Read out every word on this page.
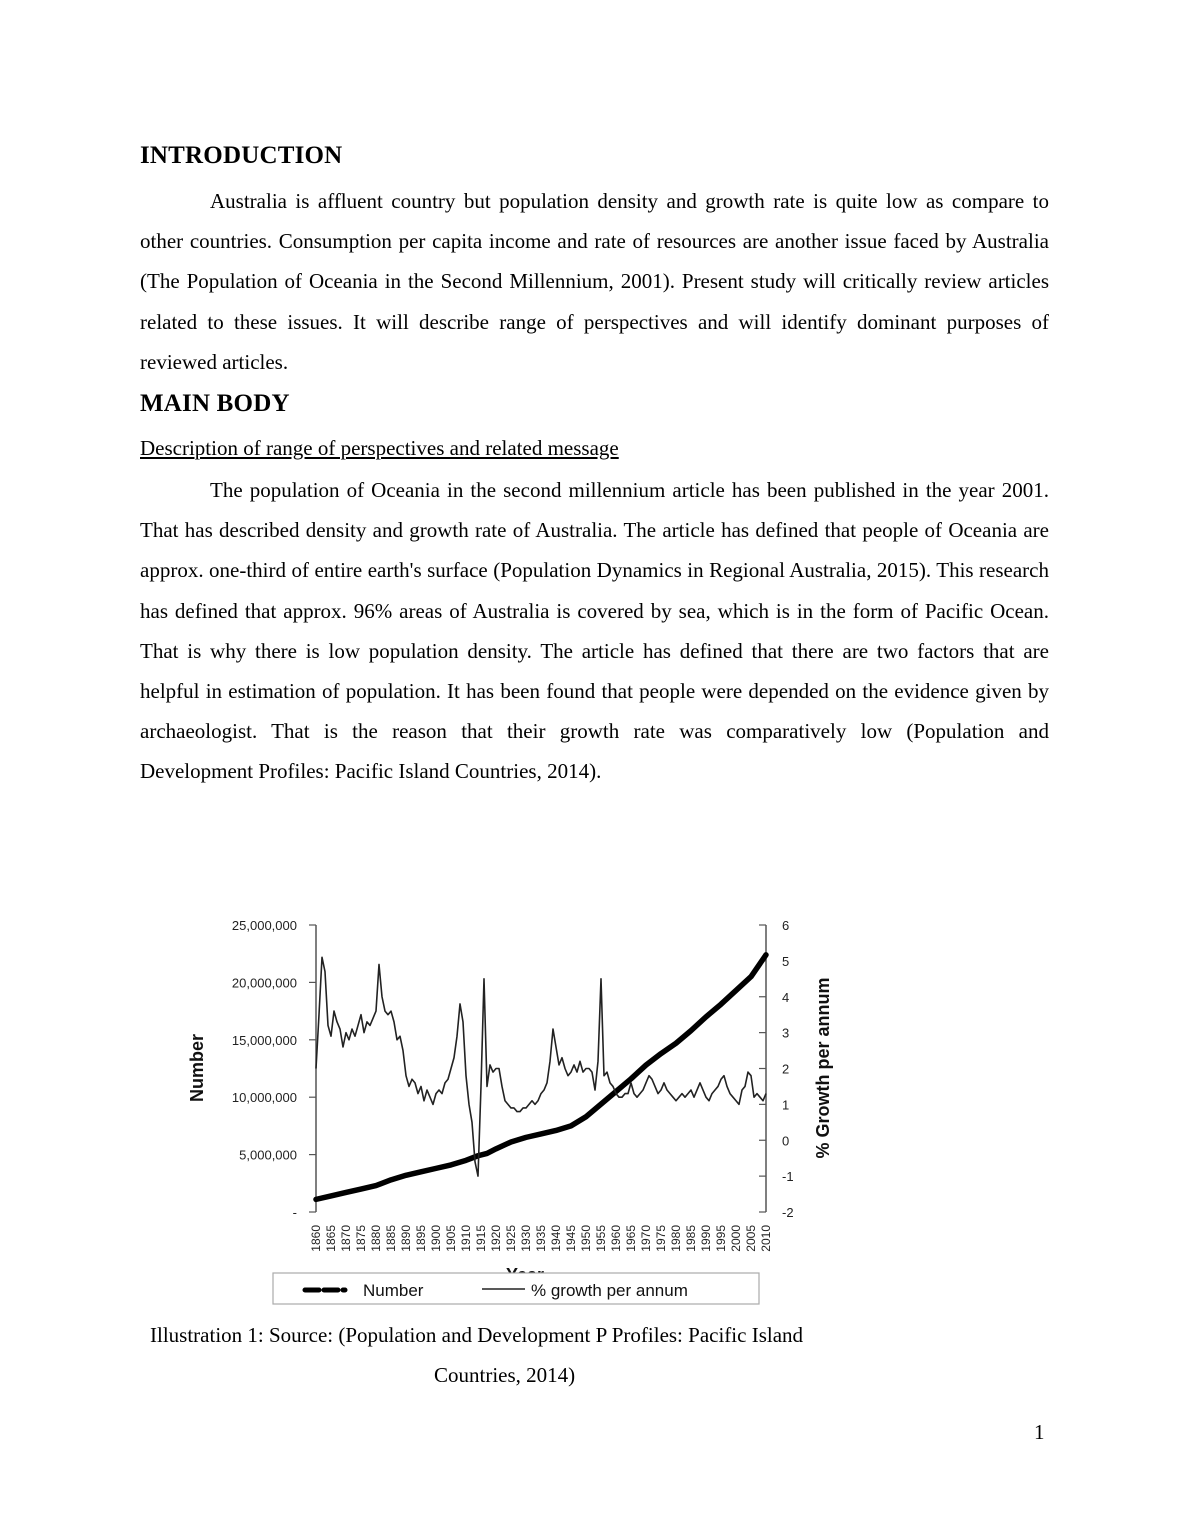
INTRODUCTION

Australia is affluent country but population density and growth rate is quite low as compare to other countries. Consumption per capita income and rate of resources are another issue faced by Australia (The Population of Oceania in the Second Millennium, 2001). Present study will critically review articles related to these issues. It will describe range of perspectives and will identify dominant purposes of reviewed articles.

MAIN BODY
Description of range of perspectives and related message

The population of Oceania in the second millennium article has been published in the year 2001. That has described density and growth rate of Australia. The article has defined that people of Oceania are approx. one-third of entire earth's surface (Population Dynamics in Regional Australia, 2015). This research has defined that approx. 96% areas of Australia is covered by sea, which is in the form of Pacific Ocean. That is why there is low population density. The article has defined that there are two factors that are helpful in estimation of population. It has been found that people were depended on the evidence given by archaeologist. That is the reason that their growth rate was comparatively low (Population and Development Profiles: Pacific Island Countries, 2014).

-
5,000,000
10,000,000
15,000,000
20,000,000
25,000,000
-2
-1
0
1
2
3
4
5
6
1860 1865 1870 1875 1880 1885 1890 1895 1900 1905 1910 1915 1920 1925 1930 1935 1940 1945 1950 1955 1960 1965 1970 1975 1980 1985 1990 1995 2000 2005 2010
Number	% Growth per annum
Number	% growth per annum
Illustration 1: Source: (Population and Development P Profiles: Pacific Island
Countries, 2014)
1
